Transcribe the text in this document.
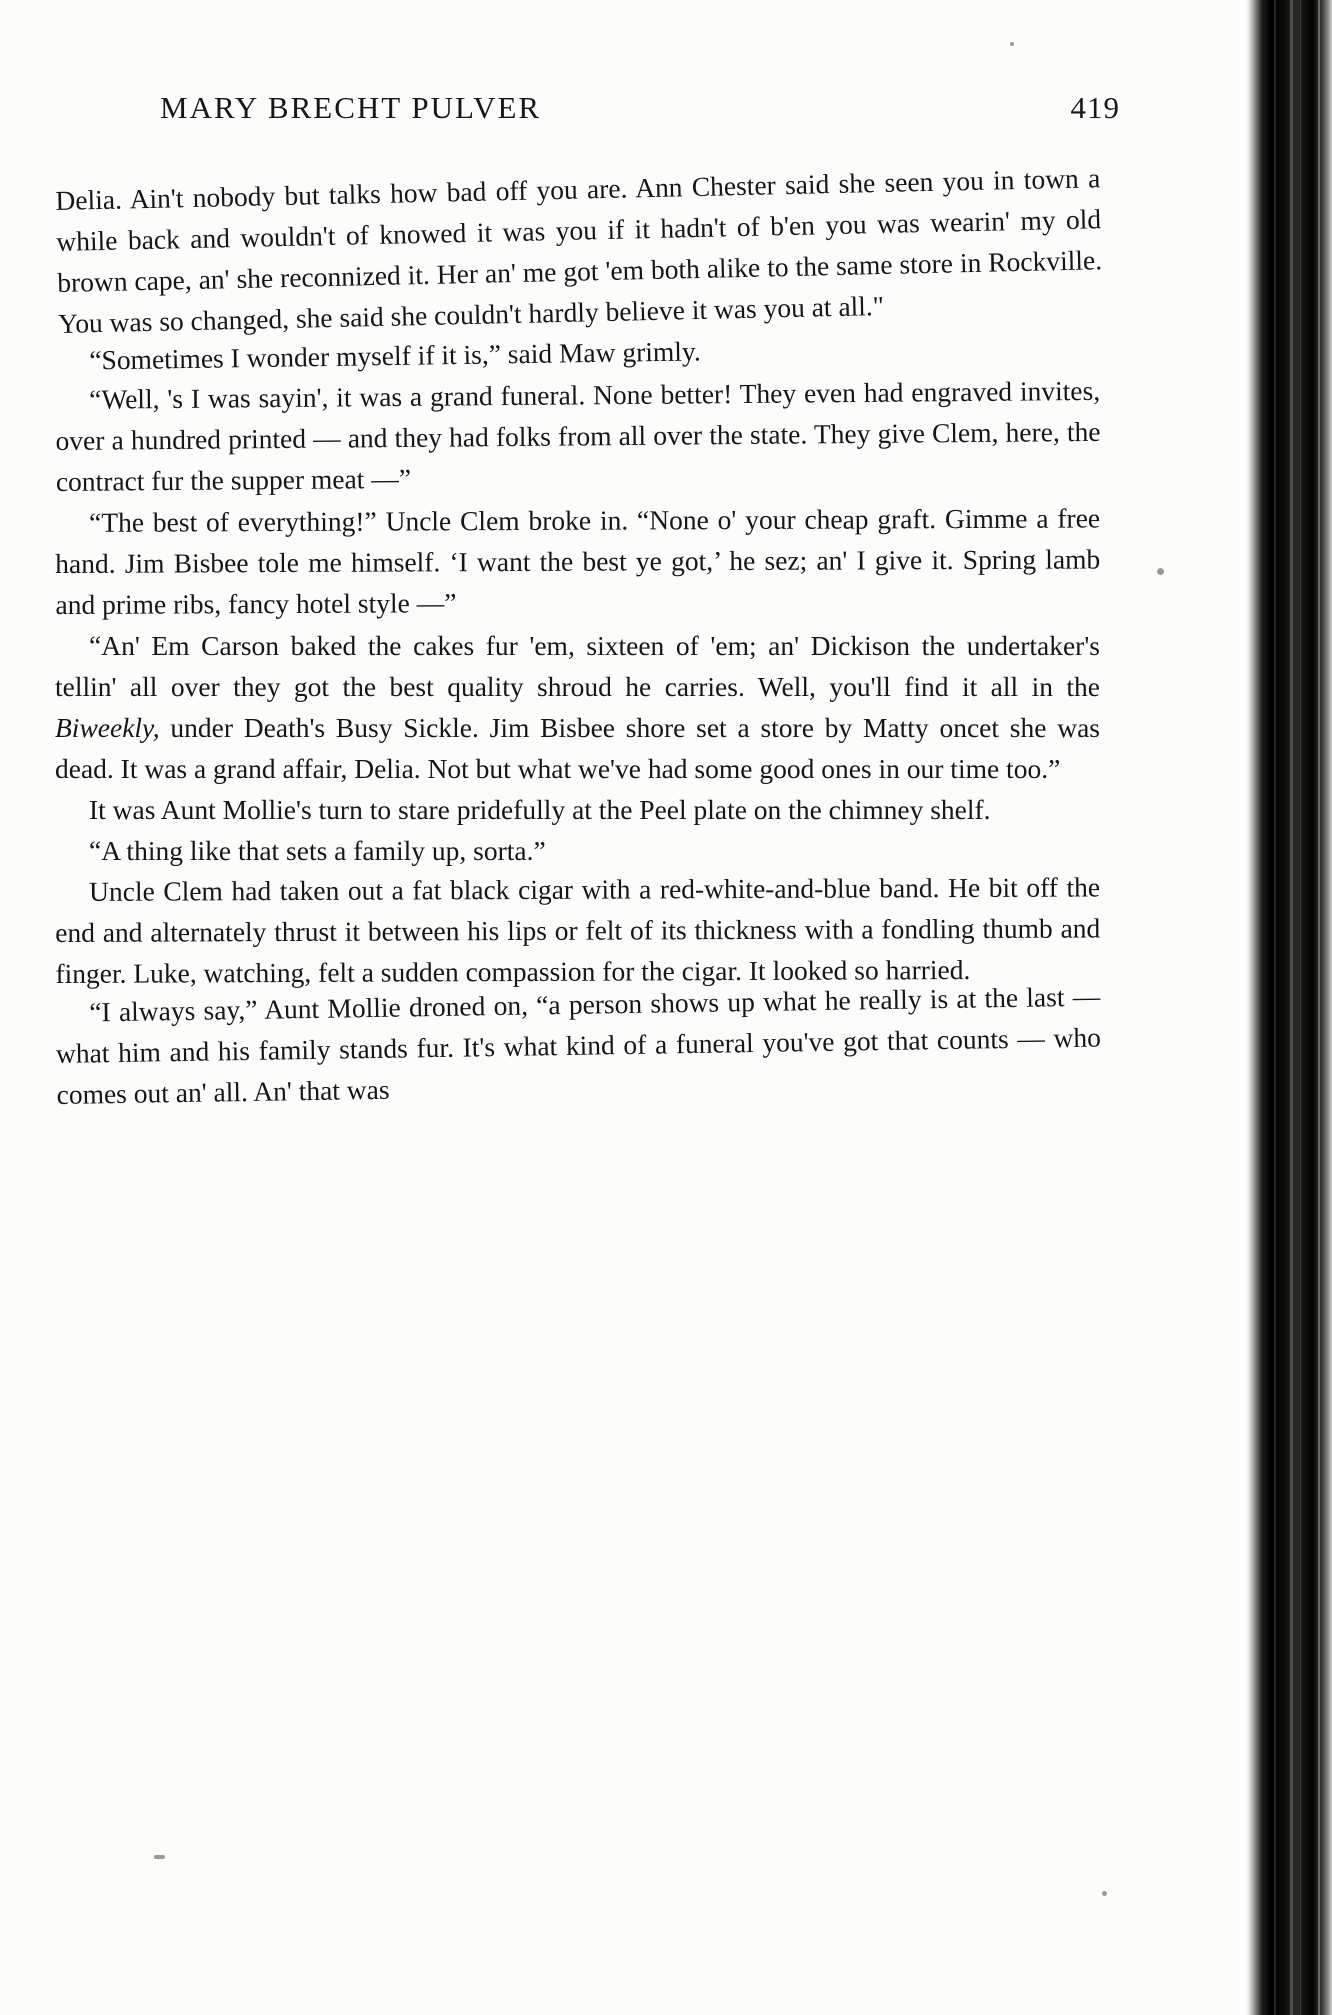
MARY BRECHT PULVER	419

Delia. Ain't nobody but talks how bad off you are. Ann Chester said she seen you in town a while back and wouldn't of knowed it was you if it hadn't of b'en you was wearin' my old brown cape, an' she reconnized it. Her an' me got 'em both alike to the same store in Rockville. You was so changed, she said she couldn't hardly believe it was you at all."

“Sometimes I wonder myself if it is,” said Maw grimly.

“Well, 's I was sayin', it was a grand funeral. None better! They even had engraved invites, over a hundred printed — and they had folks from all over the state. They give Clem, here, the contract fur the supper meat —”

“The best of everything!” Uncle Clem broke in. “None o' your cheap graft. Gimme a free hand. Jim Bisbee tole me himself. ‘I want the best ye got,’ he sez; an' I give it. Spring lamb and prime ribs, fancy hotel style —”

“An' Em Carson baked the cakes fur 'em, sixteen of 'em; an' Dickison the undertaker's tellin' all over they got the best quality shroud he carries. Well, you'll find it all in the Biweekly, under Death's Busy Sickle. Jim Bisbee shore set a store by Matty oncet she was dead. It was a grand affair, Delia. Not but what we've had some good ones in our time too.”

It was Aunt Mollie's turn to stare pridefully at the Peel plate on the chimney shelf.

“A thing like that sets a family up, sorta.”

Uncle Clem had taken out a fat black cigar with a red-white-and-blue band. He bit off the end and alternately thrust it between his lips or felt of its thickness with a fondling thumb and finger. Luke, watching, felt a sudden compassion for the cigar. It looked so harried.

“I always say,” Aunt Mollie droned on, “a person shows up what he really is at the last — what him and his family stands fur. It's what kind of a funeral you've got that counts — who comes out an' all. An' that was
